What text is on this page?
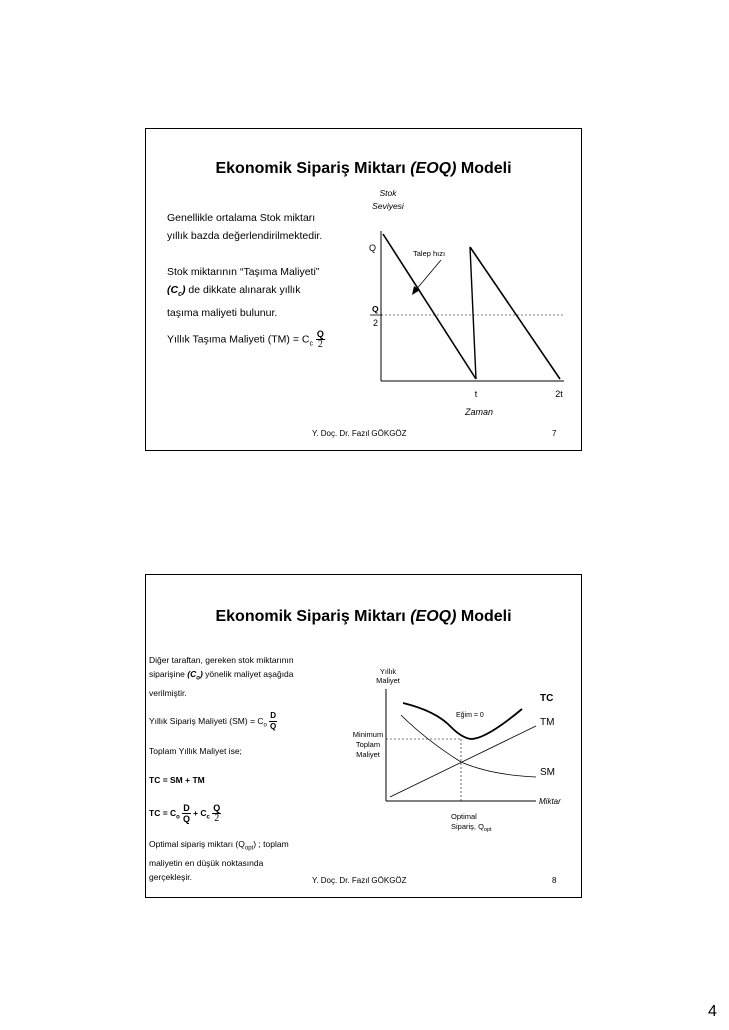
Ekonomik Sipariş Miktarı (EOQ) Modeli
Genellikle ortalama Stok miktarı
yıllık bazda değerlendirilmektedir.
Stok miktarının “Taşıma Maliyeti”
$(C_c)$ de dikkate alınarak yıllık
taşıma maliyeti bulunur.
Yıllık Taşıma Maliyeti $(TM) = C_c \frac{Q}{2}$
Stok
Seviyesi
Q
Q
2
Talep hızı
t	2t
Zaman
Y. Doç. Dr. Fazıl GÖKGÖZ	7
Ekonomik Sipariş Miktarı (EOQ) Modeli
Diğer taraftan, gereken stok miktarının
siparişine $(C_o)$ yönelik maliyet aşağıda
verilmiştir.
Yıllık Sipariş Maliyeti $(SM) = C_o \frac{D}{Q}$
Toplam Yıllık Maliyet ise;
TC = SM + TM
TC = $C_o \frac{D}{Q} + C_c \frac{Q}{2}$
Optimal sipariş miktarı $(Q_{opt})$ ; toplam
maliyetin en düşük noktasında
gerçekleşir.
Yıllık
Maliyet
Eğim = 0
TC
TM
SM
Miktar
Minimum
Toplam
Maliyet
Optimal
Sipariş, $Q_{opt}$
Y. Doç. Dr. Fazıl GÖKGÖZ	8
4
